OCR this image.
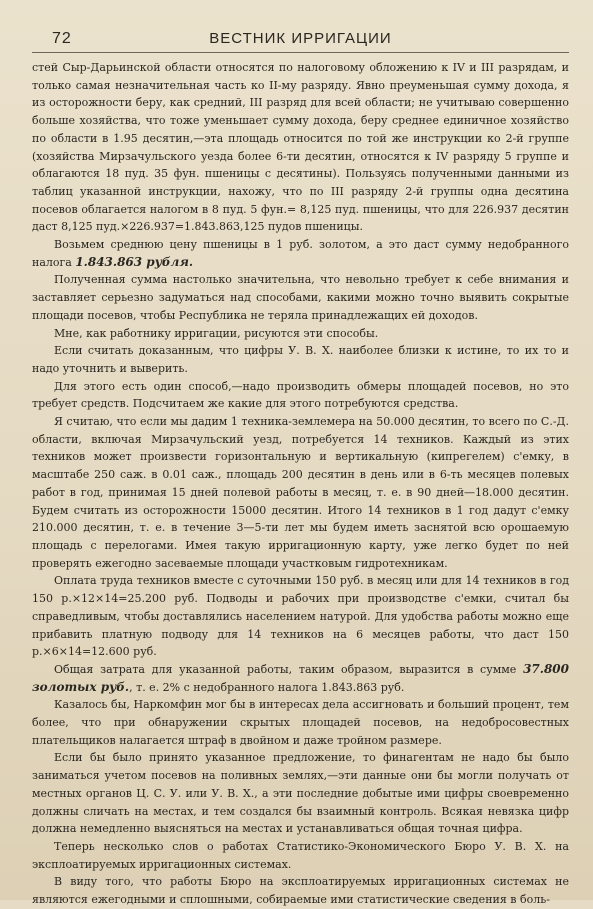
72	ВЕСТНИК ИРРИГАЦИИ

стей Сыр-Дарьинской области относятся по налоговому обложению к IV и III разрядам, и только самая незначительная часть ко II-му разряду. Явно преуменьшая сумму дохода, я из осторожности беру, как средний, III разряд для всей области; не учитываю совершенно больше хозяйства, что тоже уменьшает сумму дохода, беру среднее единичное хозяйство по области в 1.95 десятин,—эта площадь относится по той же инструкции ко 2-й группе (хозяйства Мирзачульского уезда более 6-ти десятин, относятся к IV разряду 5 группе и облагаются 18 пуд. 35 фун. пшеницы с десятины). Пользуясь полученными данными из таблиц указанной инструкции, нахожу, что по III разряду 2-й группы одна десятина посевов облагается налогом в 8 пуд. 5 фун.= 8,125 пуд. пшеницы, что для 226.937 десятин даст 8,125 пуд.×226.937=1.843.863,125 пудов пшеницы.

Возьмем среднюю цену пшеницы в 1 руб. золотом, а это даст сумму недобранного налога 1.843.863 рубля.

Полученная сумма настолько значительна, что невольно требует к себе внимания и заставляет серьезно задуматься над способами, какими можно точно выявить сокрытые площади посевов, чтобы Республика не теряла принадлежащих ей доходов.

Мне, как работнику ирригации, рисуются эти способы.

Если считать доказанным, что цифры У. В. Х. наиболее близки к истине, то их то и надо уточнить и выверить.

Для этого есть один способ,—надо производить обмеры площадей посевов, но это требует средств. Подсчитаем же какие для этого потребуются средства.

Я считаю, что если мы дадим 1 техника-землемера на 50.000 десятин, то всего по С.-Д. области, включая Мирзачульский уезд, потребуется 14 техников. Каждый из этих техников может произвести горизонтальную и вертикальную (кипрегелем) с'емку, в масштабе 250 саж. в 0.01 саж., площадь 200 десятин в день или в 6-ть месяцев полевых работ в год, принимая 15 дней полевой работы в месяц, т. е. в 90 дней—18.000 десятин. Будем считать из осторожности 15000 десятин. Итого 14 техников в 1 год дадут с'емку 210.000 десятин, т. е. в течение 3—5-ти лет мы будем иметь заснятой всю орошаемую площадь с перелогами. Имея такую ирригационную карту, уже легко будет по ней проверять ежегодно засеваемые площади участковым гидротехникам.

Оплата труда техников вместе с суточными 150 руб. в месяц или для 14 техников в год 150 р.×12×14=25.200 руб. Подводы и рабочих при производстве с'емки, считал бы справедливым, чтобы доставлялись населением натурой. Для удобства работы можно еще прибавить платную подводу для 14 техников на 6 месяцев работы, что даст 150 р.×6×14=12.600 руб.

Общая затрата для указанной работы, таким образом, выразится в сумме 37.800 золотых руб., т. е. 2% с недобранного налога 1.843.863 руб.

Казалось бы, Наркомфин мог бы в интересах дела ассигновать и больший процент, тем более, что при обнаружении скрытых площадей посевов, на недобросовестных плательщиков налагается штраф в двойном и даже тройном размере.

Если бы было принято указанное предложение, то финагентам не надо бы было заниматься учетом посевов на поливных землях,—эти данные они бы могли получать от местных органов Ц. С. У. или У. В. Х., а эти последние добытые ими цифры своевременно должны сличать на местах, и тем создался бы взаимный контроль. Всякая невязка цифр должна немедленно выясняться на местах и устанавливаться общая точная цифра.

Теперь несколько слов о работах Статистико-Экономического Бюро У. В. Х. на эксплоатируемых ирригационных системах.

В виду того, что работы Бюро на эксплоатируемых ирригационных системах не являются ежегодными и сплошными, собираемые ими статистические сведения в боль-
